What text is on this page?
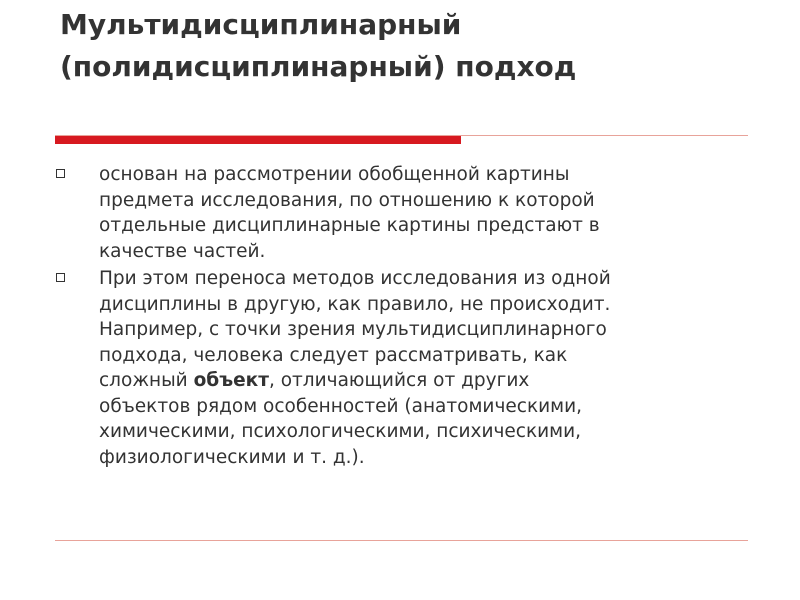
Мультидисциплинарный
(полидисциплинарный) подход
основан на рассмотрении обобщенной картины
предмета исследования, по отношению к которой
отдельные дисциплинарные картины предстают в
качестве частей.
При этом переноса методов исследования из одной
дисциплины в другую, как правило, не происходит.
Например, с точки зрения мультидисциплинарного
подхода, человека следует рассматривать, как
сложный объект, отличающийся от других
объектов рядом особенностей (анатомическими,
химическими, психологическими, психическими,
физиологическими и т. д.).
